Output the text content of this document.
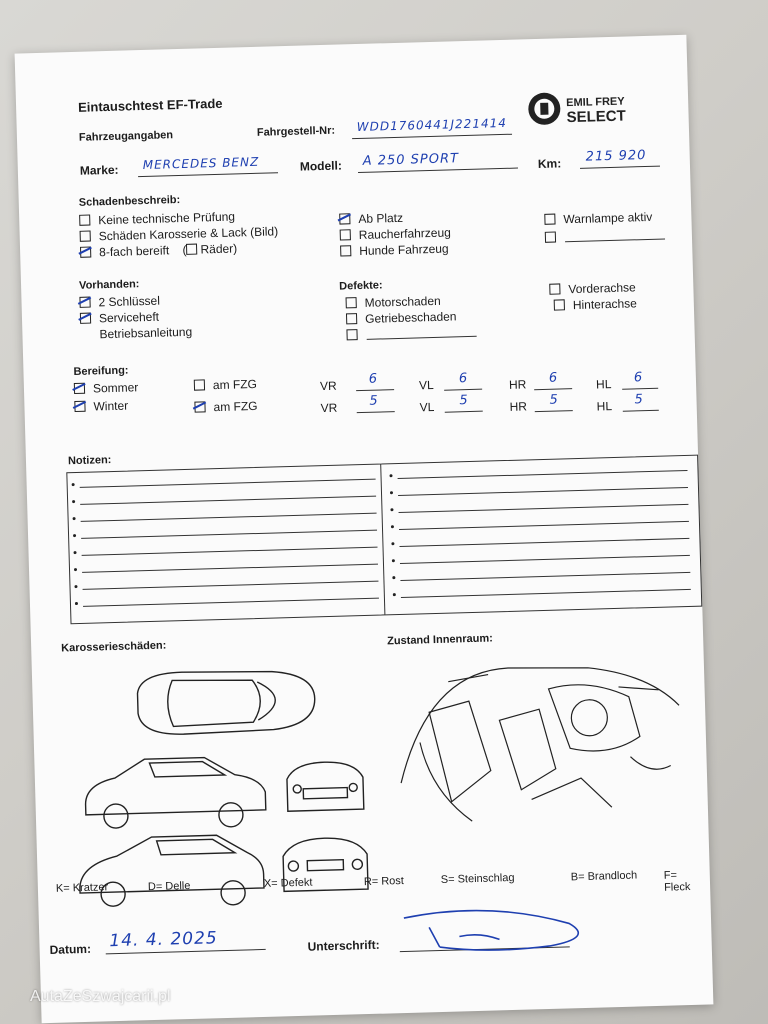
Eintauschtest EF-Trade
Fahrzeugangaben	Fahrgestell-Nr: WDD1760441J221414
EMIL FREY
SELECT
Marke: MERCEDES BENZ	Modell: A 250 SPORT	Km: 215 920
Schadenbeschreib:
Keine technische Prüfung
Schäden Karosserie & Lack (Bild)
8-fach bereift    ( Räder)
Ab Platz
Raucherfahrzeug
Hunde Fahrzeug
Warnlampe aktiv
Vorhanden:
2 Schlüssel
Serviceheft
Betriebsanleitung
Defekte:
Motorschaden
Getriebeschaden
Vorderachse
Hinterachse
Bereifung:
Sommer	am FZG	VR 6	VL 6	HR 6	HL 6
Winter	am FZG	VR 5	VL 5	HR 5	HL 5
Notizen:
Karosserieschäden:	Zustand Innenraum:
K= Kratzer	D= Delle	X= Defekt	R= Rost	S= Steinschlag	B= Brandloch F= Fleck
Datum: 14. 4. 2025	Unterschrift:
AutaZeSzwajcarii.pl
